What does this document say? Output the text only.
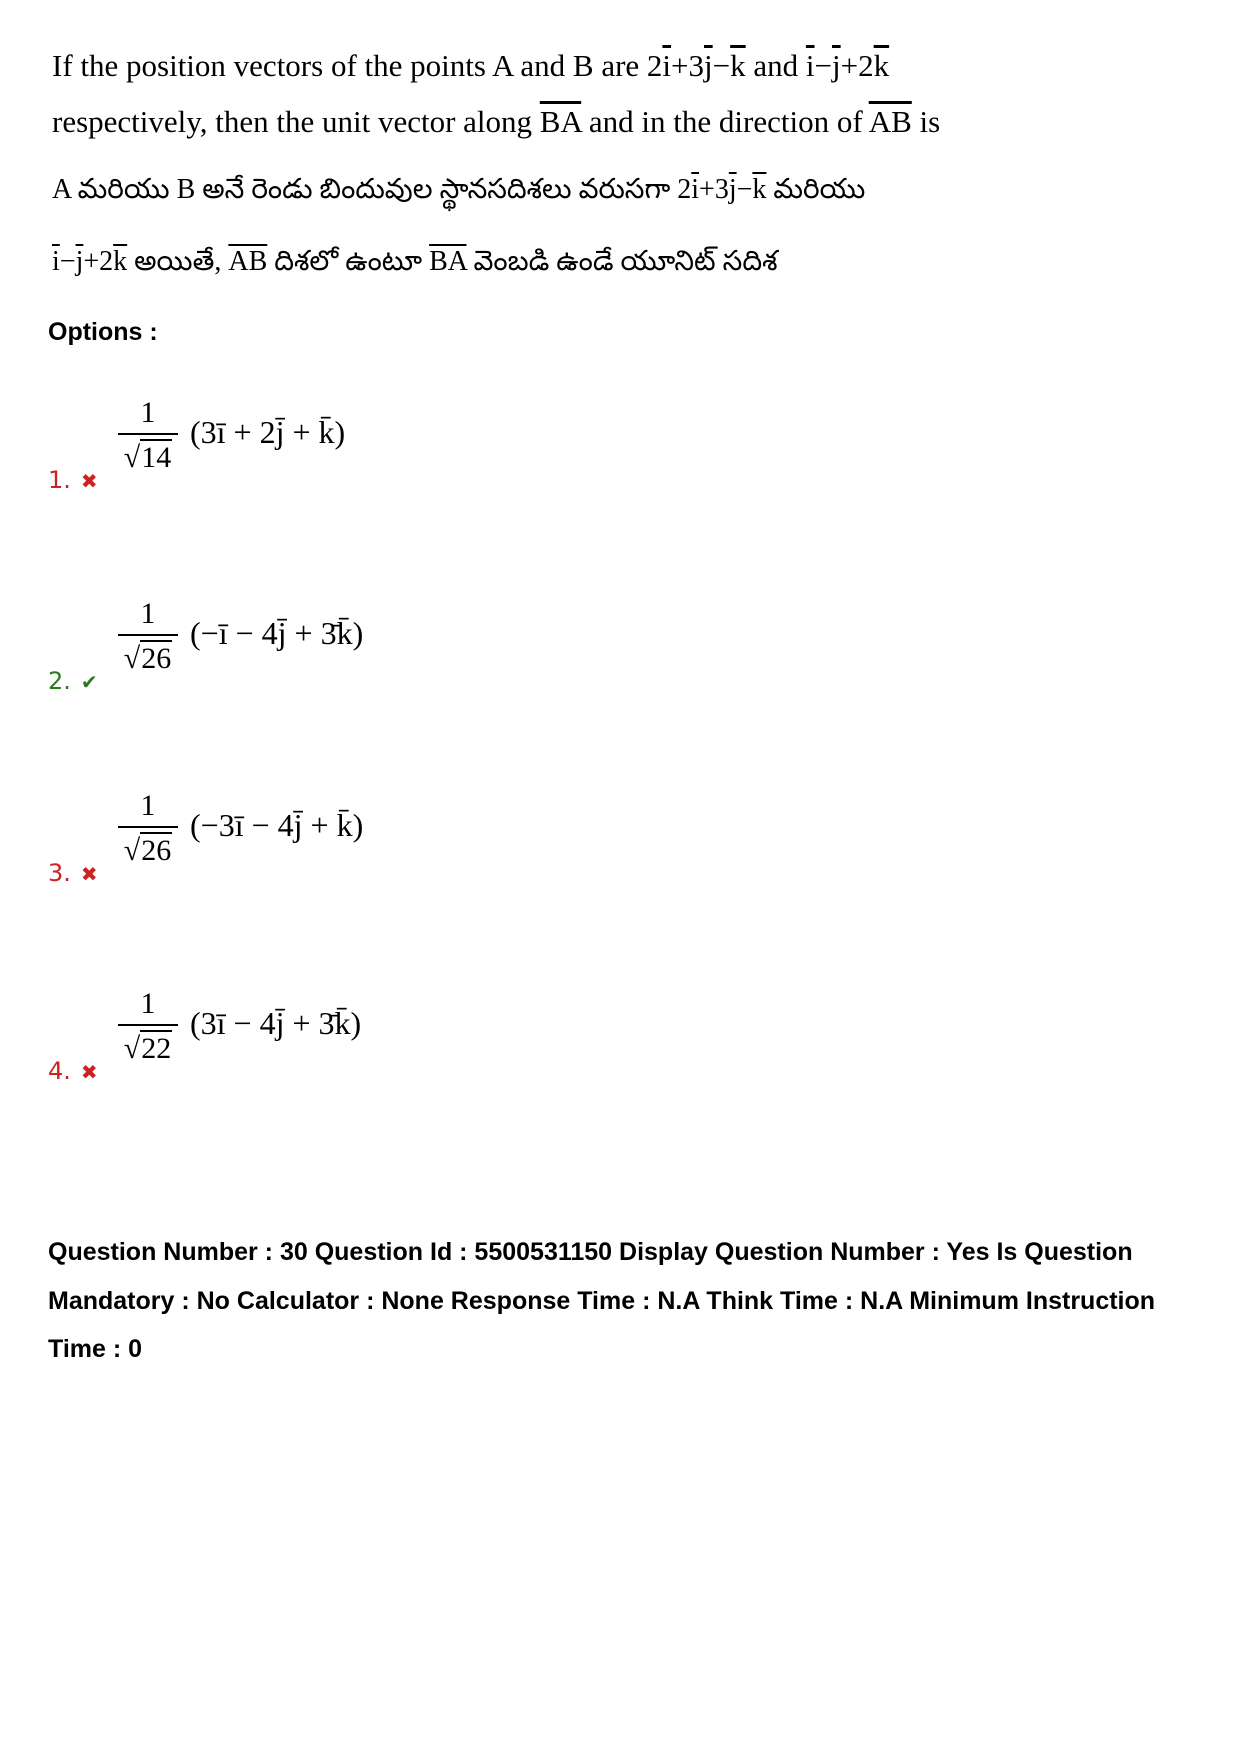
If the position vectors of the points A and B are $2\overline{i}+3\overline{j}-\overline{k}$ and $\overline{i}-\overline{j}+2\overline{k}$
respectively, then the unit vector along $\overline{BA}$ and in the direction of $\overline{AB}$ is
A మరియు B అనే రెండు బిందువుల స్థానసదిశలు వరుసగా $2\overline{i}+3\overline{j}-\overline{k}$ మరియు
$\overline{i}-\overline{j}+2\overline{k}$ అయితే, $\overline{AB}$ దిశలో ఉంటూ $\overline{BA}$ వెంబడి ఉండే యూనిట్ సదిశ
Options :
1
√14
(3ī + 2j̄ + k̄)
1. ✖
1
√26
(−ī − 4j̄ + 3̄k̄)
2. ✔
1
√26
(−3ī − 4j̄ + k̄)
3. ✖
1
√22
(3ī − 4j̄ + 3̄k̄)
4. ✖
Question Number : 30 Question Id : 5500531150 Display Question Number : Yes Is Question Mandatory : No Calculator : None Response Time : N.A Think Time : N.A Minimum Instruction Time : 0
